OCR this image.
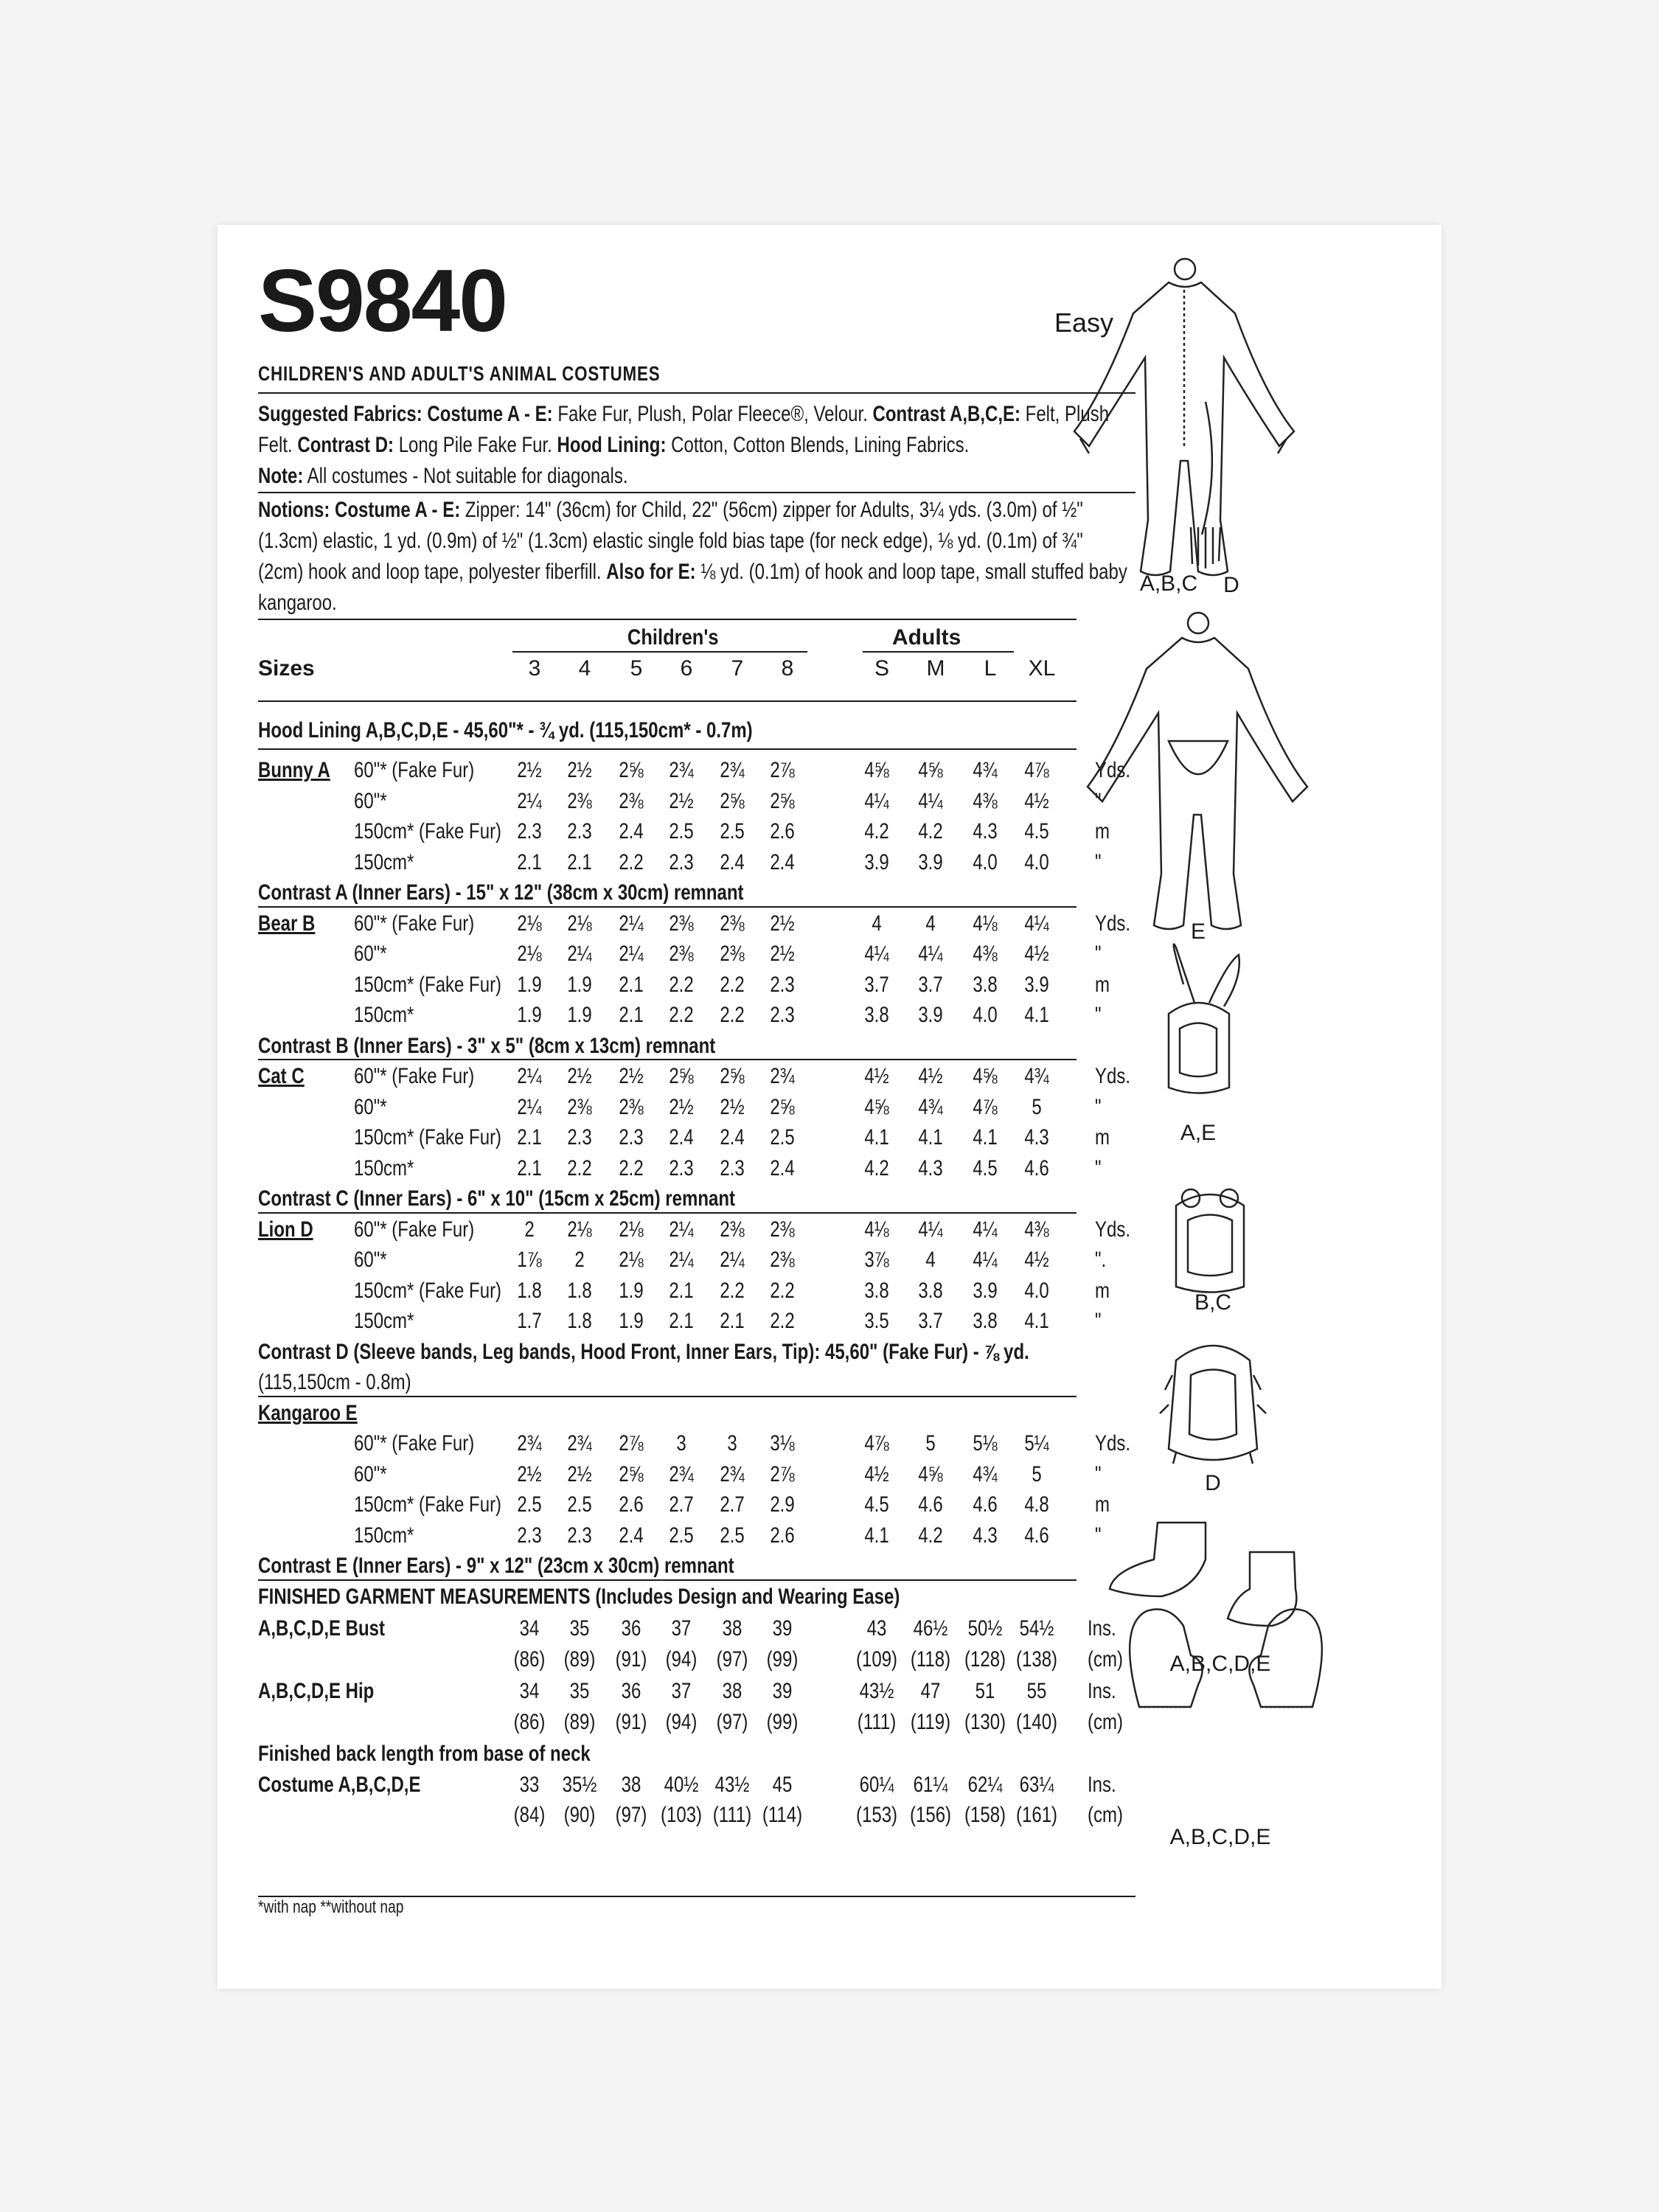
S9840	Easy
CHILDREN'S AND ADULT'S ANIMAL COSTUMES
Suggested Fabrics: Costume A - E: Fake Fur, Plush, Polar Fleece®, Velour. Contrast A,B,C,E: Felt, Plush Felt. Contrast D: Long Pile Fake Fur. Hood Lining: Cotton, Cotton Blends, Lining Fabrics.
Note: All costumes - Not suitable for diagonals.
Notions: Costume A - E: Zipper: 14" (36cm) for Child, 22" (56cm) zipper for Adults, 3¼ yds. (3.0m) of ½" (1.3cm) elastic, 1 yd. (0.9m) of ½" (1.3cm) elastic single fold bias tape (for neck edge), ⅛ yd. (0.1m) of ¾" (2cm) hook and loop tape, polyester fiberfill. Also for E: ⅛ yd. (0.1m) of hook and loop tape, small stuffed baby kangaroo.
Children's	Adults
Sizes	3	4	5	6	7	8	S	M	L	XL
Hood Lining A,B,C,D,E - 45,60"* - ¾ yd. (115,150cm* - 0.7m)
Bunny A 60"* (Fake Fur)	2½	2½	2⅝	2¾	2¾	2⅞	4⅝	4⅝	4¾	4⅞	Yds.
60"*	2¼	2⅜	2⅜	2½	2⅝	2⅝	4¼	4¼	4⅜	4½	"
150cm* (Fake Fur) 2.3	2.3	2.4	2.5	2.5	2.6	4.2	4.2	4.3	4.5	m
150cm*	2.1	2.1	2.2	2.3	2.4	2.4	3.9	3.9	4.0	4.0	"
Contrast A (Inner Ears) - 15" x 12" (38cm x 30cm) remnant
Bear B 60"* (Fake Fur)	2⅛	2⅛	2¼	2⅜	2⅜	2½	4	4	4⅛	4¼	Yds.
60"*	2⅛	2¼	2¼	2⅜	2⅜	2½	4¼	4¼	4⅜	4½	"
150cm* (Fake Fur) 1.9	1.9	2.1	2.2	2.2	2.3	3.7	3.7	3.8	3.9	m
150cm*	1.9	1.9	2.1	2.2	2.2	2.3	3.8	3.9	4.0	4.1	"
Contrast B (Inner Ears) - 3" x 5" (8cm x 13cm) remnant
Cat C 60"* (Fake Fur)	2¼	2½	2½	2⅝	2⅝	2¾	4½	4½	4⅝	4¾	Yds.
60"*	2¼	2⅜	2⅜	2½	2½	2⅝	4⅝	4¾	4⅞	5	"
150cm* (Fake Fur) 2.1	2.3	2.3	2.4	2.4	2.5	4.1	4.1	4.1	4.3	m
150cm*	2.1	2.2	2.2	2.3	2.3	2.4	4.2	4.3	4.5	4.6	"
Contrast C (Inner Ears) - 6" x 10" (15cm x 25cm) remnant
Lion D 60"* (Fake Fur)	2	2⅛	2⅛	2¼	2⅜	2⅜	4⅛	4¼	4¼	4⅜	Yds.
60"*	1⅞	2	2⅛	2¼	2¼	2⅜	3⅞	4	4¼	4½	".
150cm* (Fake Fur) 1.8	1.8	1.9	2.1	2.2	2.2	3.8	3.8	3.9	4.0	m
150cm*	1.7	1.8	1.9	2.1	2.1	2.2	3.5	3.7	3.8	4.1	"
Contrast D (Sleeve bands, Leg bands, Hood Front, Inner Ears, Tip): 45,60" (Fake Fur) - ⅞ yd.
(115,150cm - 0.8m)
Kangaroo E
60"* (Fake Fur)	2¾	2¾	2⅞	3	3	3⅛	4⅞	5	5⅛	5¼	Yds.
60"*	2½	2½	2⅝	2¾	2¾	2⅞	4½	4⅝	4¾	5	"
150cm* (Fake Fur) 2.5	2.5	2.6	2.7	2.7	2.9	4.5	4.6	4.6	4.8	m
150cm*	2.3	2.3	2.4	2.5	2.5	2.6	4.1	4.2	4.3	4.6	"
Contrast E (Inner Ears) - 9" x 12" (23cm x 30cm) remnant
FINISHED GARMENT MEASUREMENTS (Includes Design and Wearing Ease)
A,B,C,D,E Bust	34	35	36	37	38	39	43	46½ 50½ 54½ Ins.
(86) (89) (91) (94) (97) (99)	(109) (118) (128) (138) (cm)
A,B,C,D,E Hip	34	35	36	37	38	39	43½	47	51	55	Ins.
(86) (89) (91) (94) (97) (99)	(111) (119) (130) (140) (cm)
Finished back length from base of neck
Costume A,B,C,D,E	33	35½	38	40½ 43½	45	60¼ 61¼ 62¼ 63¼ Ins.
(84) (90) (97) (103) (111) (114) (153) (156) (158) (161) (cm)
*with nap **without nap
A,B,C	D
E
A,E
B,C
D
A,B,C,D,E
A,B,C,D,E
